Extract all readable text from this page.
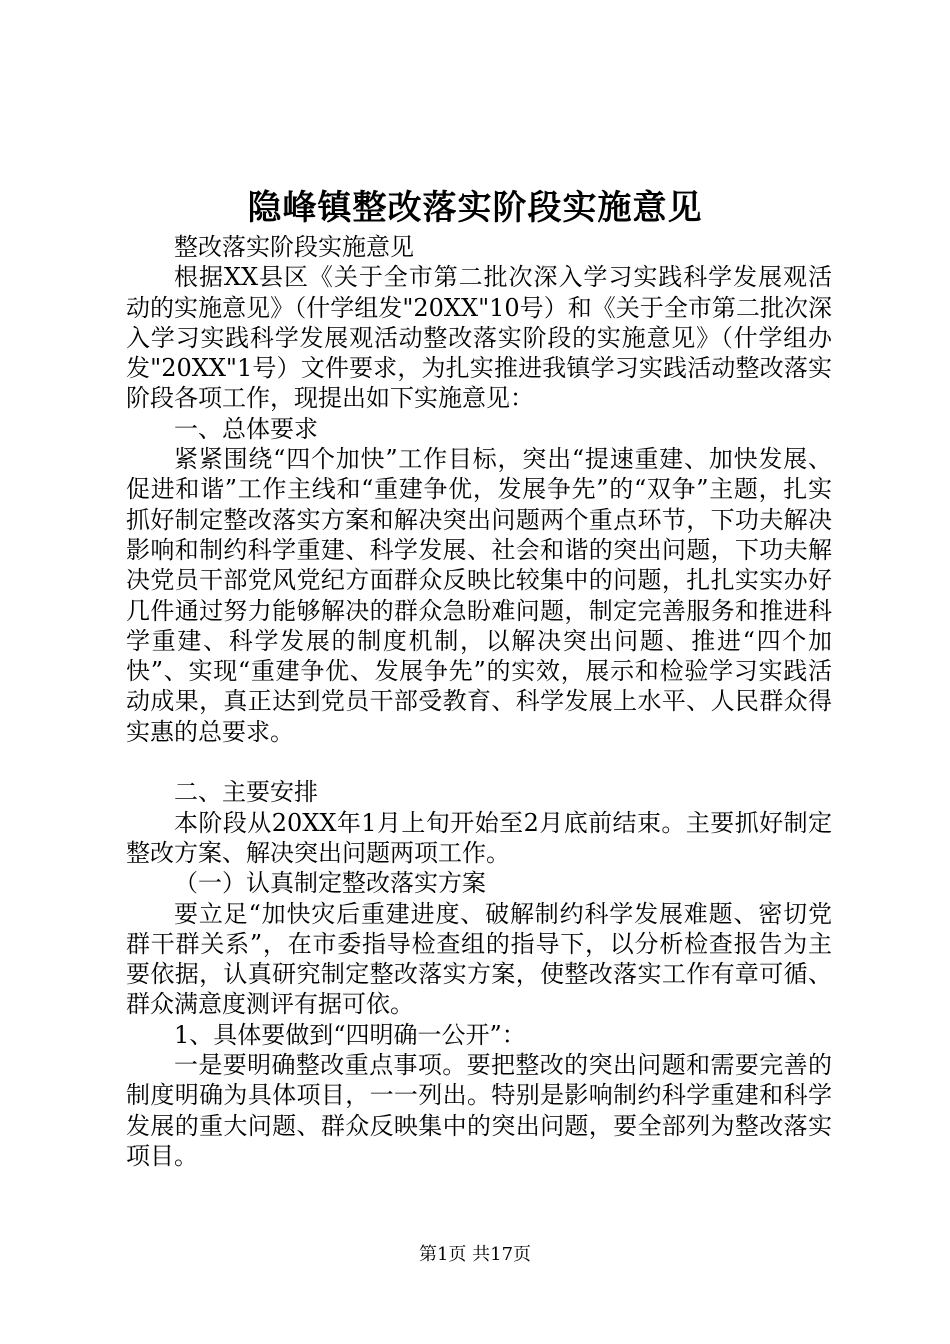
隐峰镇整改落实阶段实施意见

整改落实阶段实施意见

根据XX县区《关于全市第二批次深入学习实践科学发展观活动的实施意见》（什学组发"20XX"10号）和《关于全市第二批次深入学习实践科学发展观活动整改落实阶段的实施意见》（什学组办发"20XX"1号）文件要求，为扎实推进我镇学习实践活动整改落实阶段各项工作，现提出如下实施意见：

一、总体要求

紧紧围绕“四个加快”工作目标，突出“提速重建、加快发展、促进和谐”工作主线和“重建争优，发展争先”的“双争”主题，扎实抓好制定整改落实方案和解决突出问题两个重点环节，下功夫解决影响和制约科学重建、科学发展、社会和谐的突出问题，下功夫解决党员干部党风党纪方面群众反映比较集中的问题，扎扎实实办好几件通过努力能够解决的群众急盼难问题，制定完善服务和推进科学重建、科学发展的制度机制，以解决突出问题、推进“四个加快”、实现“重建争优、发展争先”的实效，展示和检验学习实践活动成果，真正达到党员干部受教育、科学发展上水平、人民群众得实惠的总要求。

二、主要安排

本阶段从20XX年1月上旬开始至2月底前结束。主要抓好制定整改方案、解决突出问题两项工作。

（一）认真制定整改落实方案

要立足“加快灾后重建进度、破解制约科学发展难题、密切党群干群关系”，在市委指导检查组的指导下，以分析检查报告为主要依据，认真研究制定整改落实方案，使整改落实工作有章可循、群众满意度测评有据可依。

1、具体要做到“四明确一公开”：

一是要明确整改重点事项。要把整改的突出问题和需要完善的制度明确为具体项目，一一列出。特别是影响制约科学重建和科学发展的重大问题、群众反映集中的突出问题，要全部列为整改落实项目。

第1页 共17页
